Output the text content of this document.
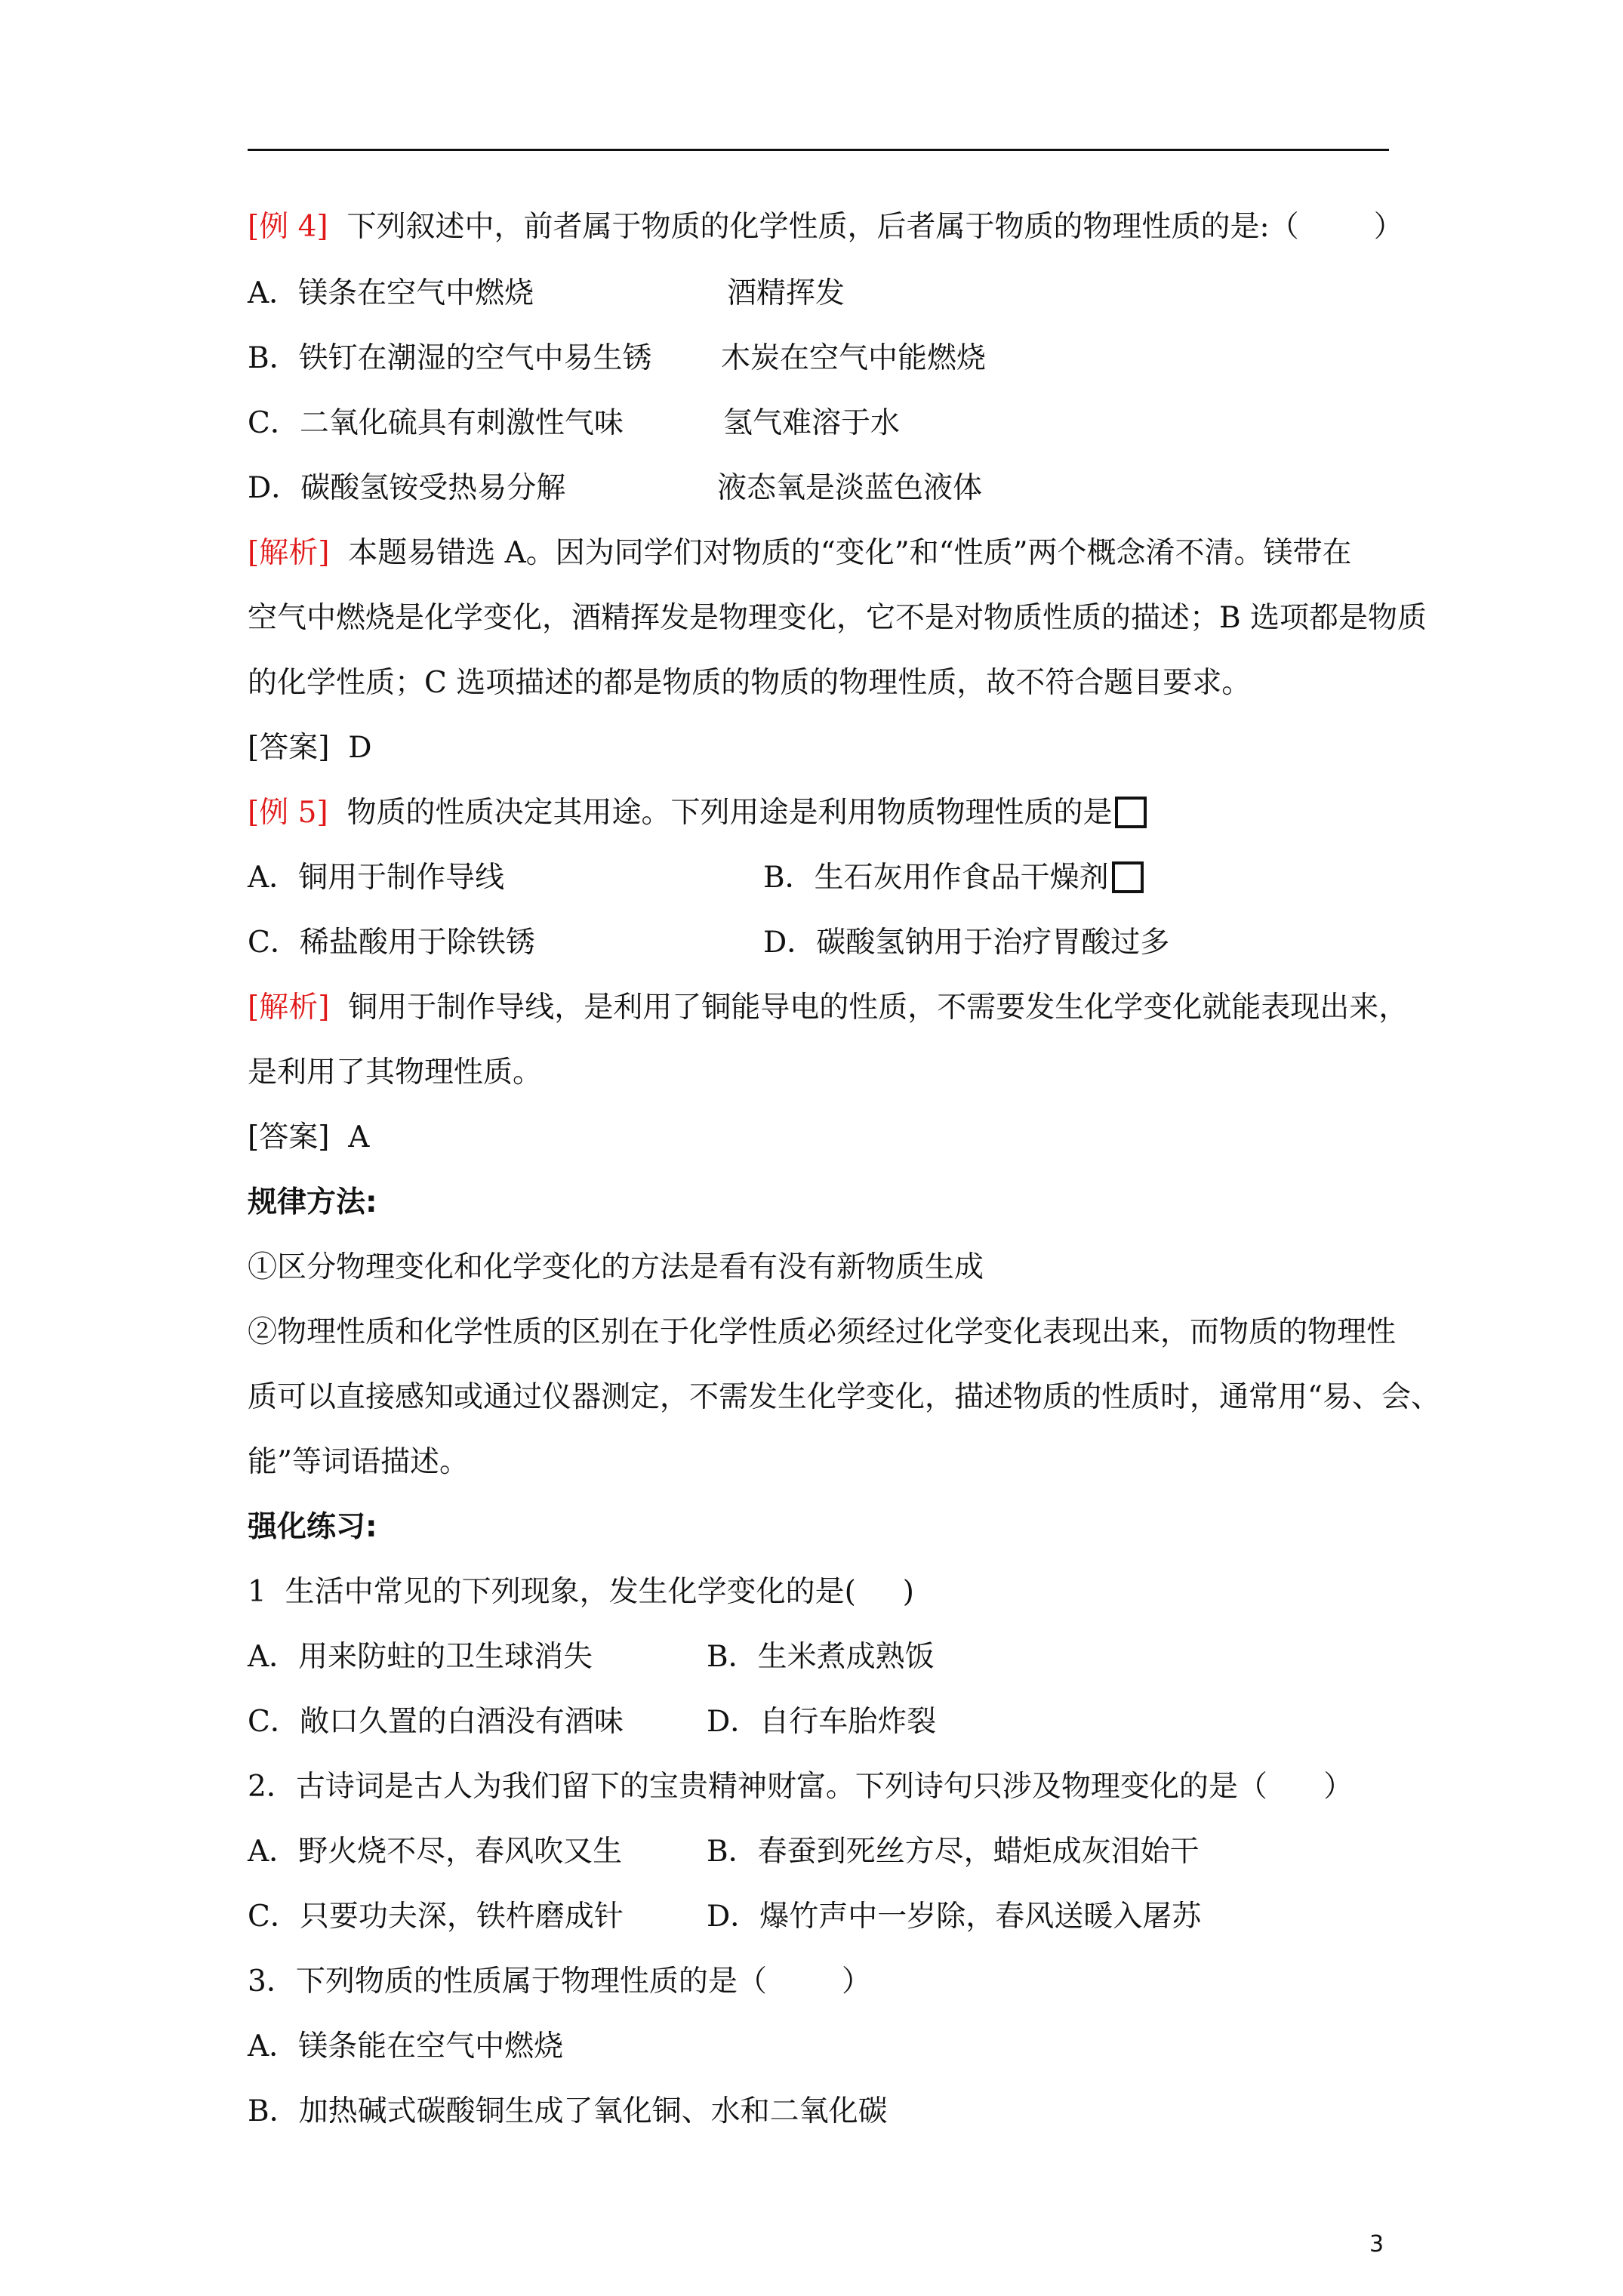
[例 4]  下列叙述中，前者属于物质的化学性质，后者属于物质的物理性质的是:（        ）
A．镁条在空气中燃烧	酒精挥发
B．铁钉在潮湿的空气中易生锈 木炭在空气中能燃烧
C．二氧化硫具有刺激性气味	氢气难溶于水
D．碳酸氢铵受热易分解	液态氧是淡蓝色液体
[解析]  本题易错选 A。因为同学们对物质的“变化”和“性质”两个概念淆不清。镁带在
空气中燃烧是化学变化，酒精挥发是物理变化，它不是对物质性质的描述；B 选项都是物质
的化学性质；C 选项描述的都是物质的物质的物理性质，故不符合题目要求。
[答案]  D
[例 5]  物质的性质决定其用途。下列用途是利用物质物理性质的是
A．铜用于制作导线	B．生石灰用作食品干燥剂
C．稀盐酸用于除铁锈	D．碳酸氢钠用于治疗胃酸过多
[解析]  铜用于制作导线，是利用了铜能导电的性质，不需要发生化学变化就能表现出来，
是利用了其物理性质。
[答案]  A
规律方法:
①区分物理变化和化学变化的方法是看有没有新物质生成
②物理性质和化学性质的区别在于化学性质必须经过化学变化表现出来，而物质的物理性
质可以直接感知或通过仪器测定，不需发生化学变化，描述物质的性质时，通常用“易、会、
能”等词语描述。
强化练习:
1  生活中常见的下列现象，发生化学变化的是(     )
A．用来防蛀的卫生球消失	B．生米煮成熟饭
C．敞口久置的白酒没有酒味	D．自行车胎炸裂
2．古诗词是古人为我们留下的宝贵精神财富。下列诗句只涉及物理变化的是（      ）
A．野火烧不尽，春风吹又生	B．春蚕到死丝方尽，蜡炬成灰泪始干
C．只要功夫深，铁杵磨成针	D．爆竹声中一岁除，春风送暖入屠苏
3．下列物质的性质属于物理性质的是（        ）
A．镁条能在空气中燃烧
B．加热碱式碳酸铜生成了氧化铜、水和二氧化碳
3
